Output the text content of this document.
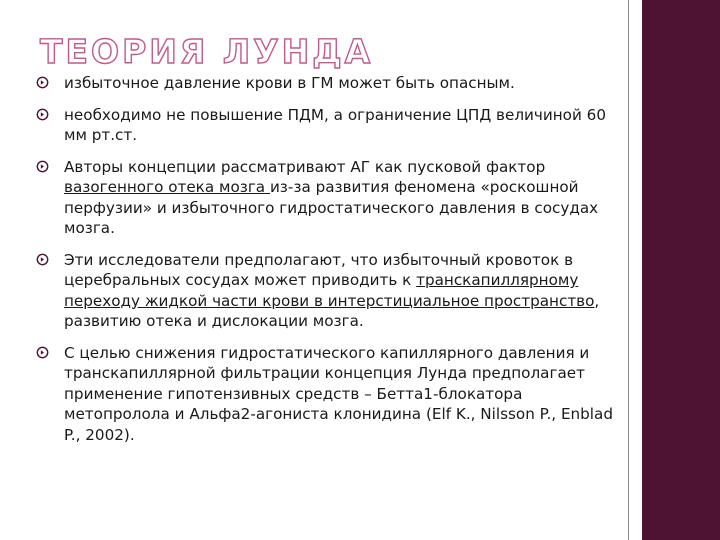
ТЕОРИЯ ЛУНДА
избыточное давление крови в ГМ может быть опасным.
необходимо не повышение ПДМ, а ограничение ЦПД величиной 60 мм рт.ст.
Авторы концепции рассматривают АГ как пусковой фактор вазогенного отека мозга из-за развития феномена «роскошной перфузии» и избыточного гидростатического давления в сосудах мозга.
Эти исследователи предполагают, что избыточный кровоток в церебральных сосудах может приводить к транскапиллярному переходу жидкой части крови в интерстициальное пространство, развитию отека и дислокации мозга.
С целью снижения гидростатического капиллярного давления и транскапиллярной фильтрации концепция Лунда предполагает применение гипотензивных средств – Бетта1-блокатора метопролола и Альфа2-агониста клонидина (Elf K., Nilsson P., Enblad P., 2002).
